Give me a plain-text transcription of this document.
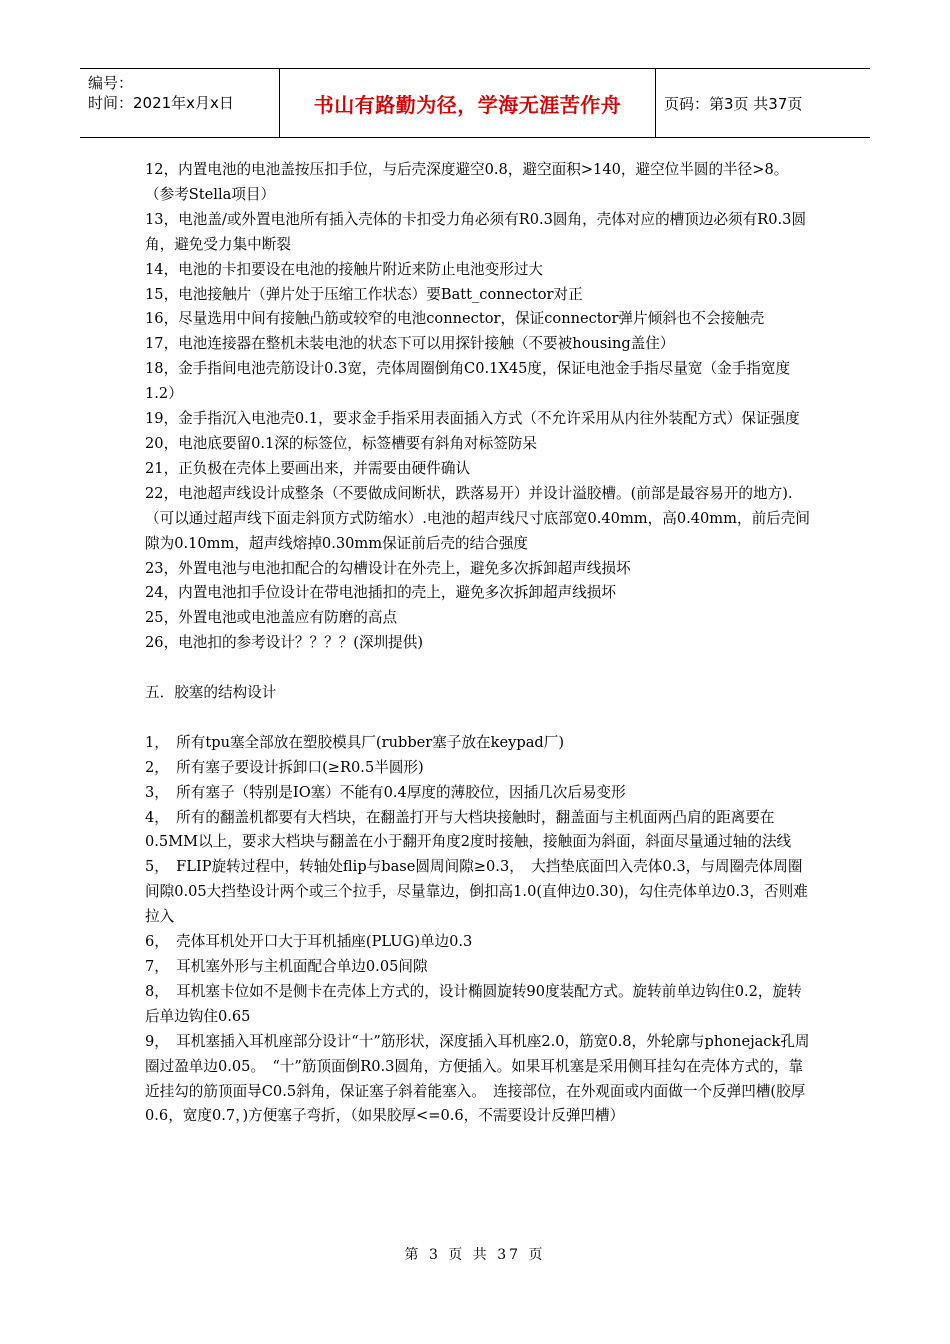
编号：
时间：2021年x月x日	书山有路勤为径，学海无涯苦作舟	页码：第3页 共37页

12，内置电池的电池盖按压扣手位，与后壳深度避空0.8，避空面积>140，避空位半圆的半径>8。（参考Stella项目）

13，电池盖/或外置电池所有插入壳体的卡扣受力角必须有R0.3圆角，壳体对应的槽顶边必须有R0.3圆角，避免受力集中断裂

14，电池的卡扣要设在电池的接触片附近来防止电池变形过大

15，电池接触片（弹片处于压缩工作状态）要Batt_connector对正

16，尽量选用中间有接触凸筋或较窄的电池connector，保证connector弹片倾斜也不会接触壳

17，电池连接器在整机未装电池的状态下可以用探针接触（不要被housing盖住）

18，金手指间电池壳筋设计0.3宽，壳体周圈倒角C0.1X45度，保证电池金手指尽量宽（金手指宽度1.2）

19，金手指沉入电池壳0.1，要求金手指采用表面插入方式（不允许采用从内往外装配方式）保证强度

20，电池底要留0.1深的标签位，标签槽要有斜角对标签防呆

21，正负极在壳体上要画出来，并需要由硬件确认

22，电池超声线设计成整条（不要做成间断状，跌落易开）并设计溢胶槽。(前部是最容易开的地方).（可以通过超声线下面走斜顶方式防缩水）.电池的超声线尺寸底部宽0.40mm，高0.40mm，前后壳间隙为0.10mm，超声线熔掉0.30mm保证前后壳的结合强度

23，外置电池与电池扣配合的勾槽设计在外壳上，避免多次拆卸超声线损坏

24，内置电池扣手位设计在带电池插扣的壳上，避免多次拆卸超声线损坏

25，外置电池或电池盖应有防磨的高点

26，电池扣的参考设计？？？？(深圳提供)

五．胶塞的结构设计

1，　所有tpu塞全部放在塑胶模具厂(rubber塞子放在keypad厂)

2，　所有塞子要设计拆卸口(≥R0.5半圆形)

3，　所有塞子（特别是IO塞）不能有0.4厚度的薄胶位，因插几次后易变形

4，　所有的翻盖机都要有大档块，在翻盖打开与大档块接触时，翻盖面与主机面两凸肩的距离要在0.5MM以上，要求大档块与翻盖在小于翻开角度2度时接触，接触面为斜面，斜面尽量通过轴的法线

5，　FLIP旋转过程中，转轴处flip与base圆周间隙≥0.3，　大挡垫底面凹入壳体0.3，与周圈壳体周圈间隙0.05大挡垫设计两个或三个拉手，尽量靠边，倒扣高1.0(直伸边0.30)，勾住壳体单边0.3，否则难拉入

6，　壳体耳机处开口大于耳机插座(PLUG)单边0.3

7，　耳机塞外形与主机面配合单边0.05间隙

8，　耳机塞卡位如不是侧卡在壳体上方式的，设计椭圆旋转90度装配方式。旋转前单边钩住0.2，旋转后单边钩住0.65

9，　耳机塞插入耳机座部分设计“十”筋形状，深度插入耳机座2.0，筋宽0.8，外轮廓与phonejack孔周圈过盈单边0.05。　“十”筋顶面倒R0.3圆角，方便插入。如果耳机塞是采用侧耳挂勾在壳体方式的，靠近挂勾的筋顶面导C0.5斜角，保证塞子斜着能塞入。　连接部位，在外观面或内面做一个反弹凹槽(胶厚0.6，宽度0.7，)方便塞子弯折，（如果胶厚<=0.6，不需要设计反弹凹槽）

第 3 页 共 37 页
